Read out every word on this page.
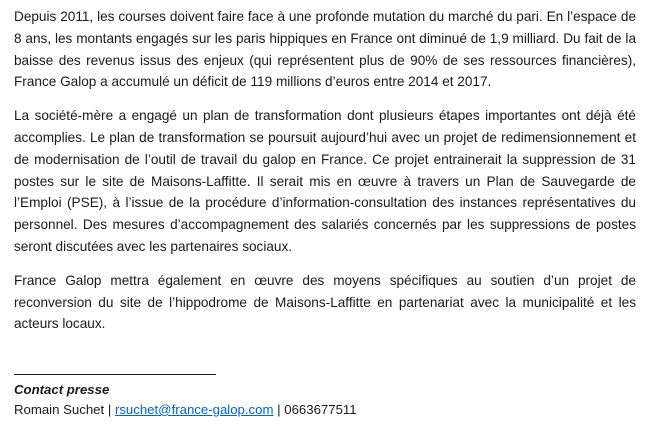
Depuis 2011, les courses doivent faire face à une profonde mutation du marché du pari. En l’espace de 8 ans, les montants engagés sur les paris hippiques en France ont diminué de 1,9 milliard. Du fait de la baisse des revenus issus des enjeux (qui représentent plus de 90% de ses ressources financières), France Galop a accumulé un déficit de 119 millions d’euros entre 2014 et 2017.

La société-mère a engagé un plan de transformation dont plusieurs étapes importantes ont déjà été accomplies. Le plan de transformation se poursuit aujourd’hui avec un projet de redimensionnement et de modernisation de l’outil de travail du galop en France. Ce projet entrainerait la suppression de 31 postes sur le site de Maisons-Laffitte. Il serait mis en œuvre à travers un Plan de Sauvegarde de l’Emploi (PSE), à l’issue de la procédure d’information-consultation des instances représentatives du personnel. Des mesures d’accompagnement des salariés concernés par les suppressions de postes seront discutées avec les partenaires sociaux.

France Galop mettra également en œuvre des moyens spécifiques au soutien d’un projet de reconversion du site de l’hippodrome de Maisons-Laffitte en partenariat avec la municipalité et les acteurs locaux.

Contact presse
Romain Suchet | rsuchet@france-galop.com | 0663677511
